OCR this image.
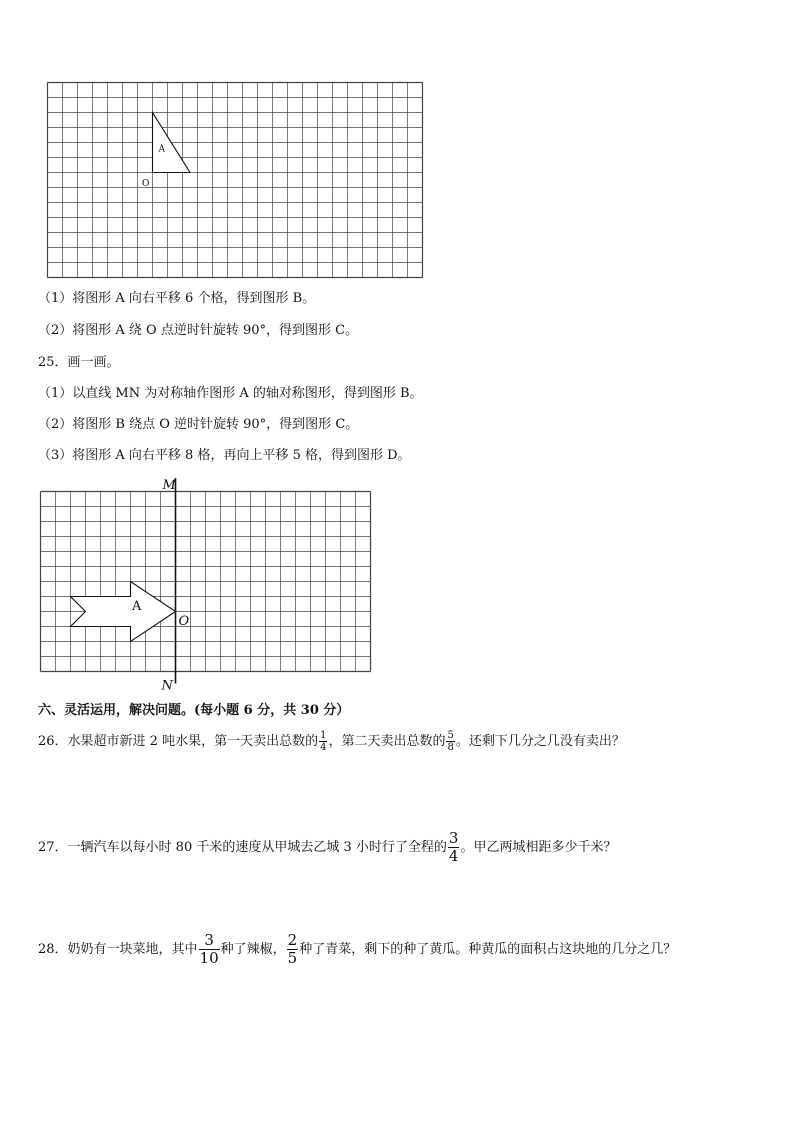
A
O
（1）将图形 A 向右平移 6 个格，得到图形 B。
（2）将图形 A 绕 O 点逆时针旋转 90°，得到图形 C。
25．画一画。
（1）以直线 MN 为对称轴作图形 A 的轴对称图形，得到图形 B。
（2）将图形 B 绕点 O 逆时针旋转 90°，得到图形 C。
（3）将图形 A 向右平移 8 格，再向上平移 5 格，得到图形 D。
M
N
A
O
六、灵活运用，解决问题。(每小题 6 分，共 30 分）
26．水果超市新进 2 吨水果，第一天卖出总数的 $\frac{1}{4}$ ，第二天卖出总数的 $\frac{5}{8}$ 。还剩下几分之几没有卖出？
27．一辆汽车以每小时 80 千米的速度从甲城去乙城 3 小时行了全程的 $\frac{3}{4}$ 。甲乙两城相距多少千米？
28．奶奶有一块菜地，其中 $\frac{3}{10}$ 种了辣椒， $\frac{2}{5}$ 种了青菜，剩下的种了黄瓜。种黄瓜的面积占这块地的几分之几？
